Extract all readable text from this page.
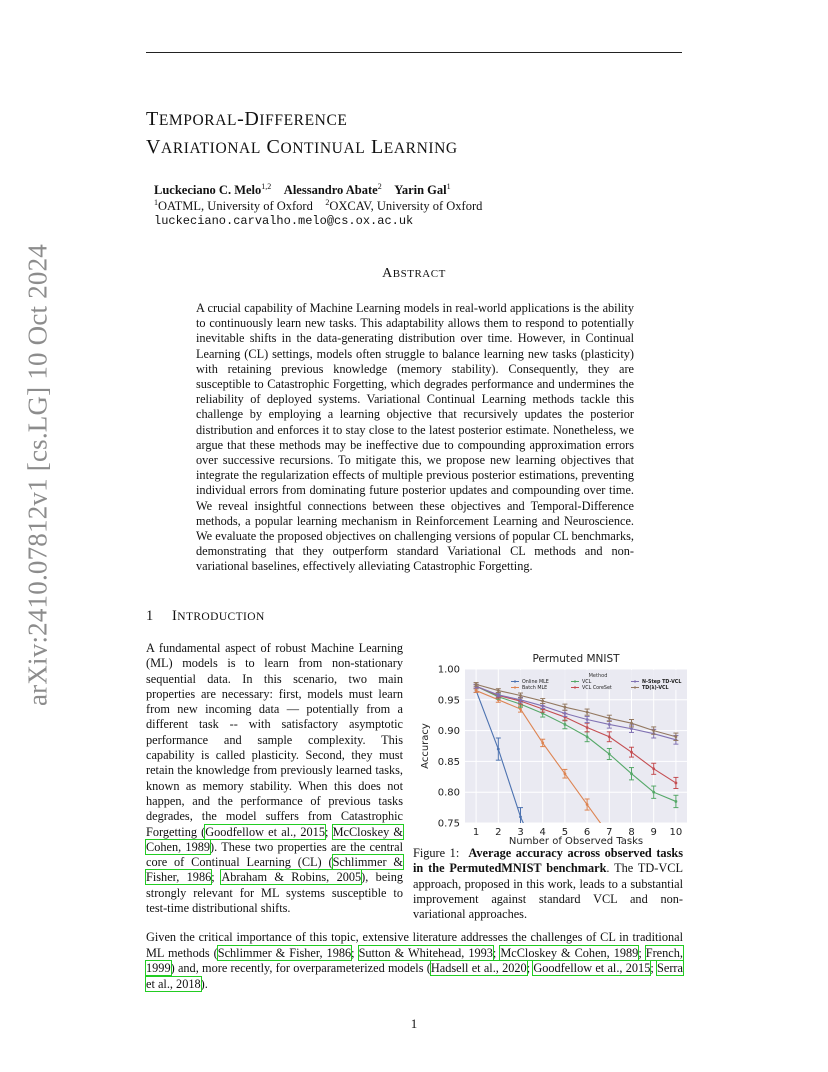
arXiv:2410.07812v1 [cs.LG] 10 Oct 2024
TEMPORAL-DIFFERENCE
VARIATIONAL CONTINUAL LEARNING
Luckeciano C. Melo$^{1,2}$ Alessandro Abate$^2$ Yarin Gal$^1$
$^1$OATML, University of Oxford $^2$OXCAV, University of Oxford
luckeciano.carvalho.melo@cs.ox.ac.uk
ABSTRACT
A crucial capability of Machine Learning models in real-world applications is the ability to continuously learn new tasks. This adaptability allows them to respond to potentially inevitable shifts in the data-generating distribution over time. However, in Continual Learning (CL) settings, models often struggle to balance learning new tasks (plasticity) with retaining previous knowledge (memory stability). Consequently, they are susceptible to Catastrophic Forgetting, which degrades performance and undermines the reliability of deployed systems. Variational Continual Learning methods tackle this challenge by employing a learning objective that recursively updates the posterior distribution and enforces it to stay close to the latest posterior estimate. Nonetheless, we argue that these methods may be ineffective due to compounding approximation errors over successive recursions. To mitigate this, we propose new learning objectives that integrate the regularization effects of multiple previous posterior estimations, preventing individual errors from dominating future posterior updates and compounding over time. We reveal insightful connections between these objectives and Temporal-Difference methods, a popular learning mechanism in Reinforcement Learning and Neuroscience. We evaluate the proposed objectives on challenging versions of popular CL benchmarks, demonstrating that they outperform standard Variational CL methods and non-variational baselines, effectively alleviating Catastrophic Forgetting.
1 INTRODUCTION
A fundamental aspect of robust Machine Learning (ML) models is to learn from non-stationary sequential data. In this scenario, two main properties are necessary: first, models must learn from new incoming data — potentially from a different task -- with satisfactory asymptotic performance and sample complexity. This capability is called plasticity. Second, they must retain the knowledge from previously learned tasks, known as memory stability. When this does not happen, and the performance of previous tasks degrades, the model suffers from Catastrophic Forgetting (Goodfellow et al., 2015; McCloskey & Cohen, 1989). These two properties are the central core of Continual Learning (CL) (Schlimmer & Fisher, 1986; Abraham & Robins, 2005), being strongly relevant for ML systems susceptible to test-time distributional shifts.
Permuted MNIST
0.75
0.80
0.85
0.90
0.95
1.00
1 2 3 4 5 6 7 8 9 10
Method
Online MLE
Batch MLE
VCL
VCL CoreSet
N-Step TD-VCL
TD(λ)-VCL
Number of Observed Tasks
Accuracy
Figure 1: Average accuracy across observed tasks in the PermutedMNIST benchmark. The TD-VCL approach, proposed in this work, leads to a substantial improvement against standard VCL and non-variational approaches.
Given the critical importance of this topic, extensive literature addresses the challenges of CL in traditional ML methods (Schlimmer & Fisher, 1986; Sutton & Whitehead, 1993; McCloskey & Cohen, 1989; French, 1999) and, more recently, for overparameterized models (Hadsell et al., 2020; Goodfellow et al., 2015; Serra et al., 2018).
1
